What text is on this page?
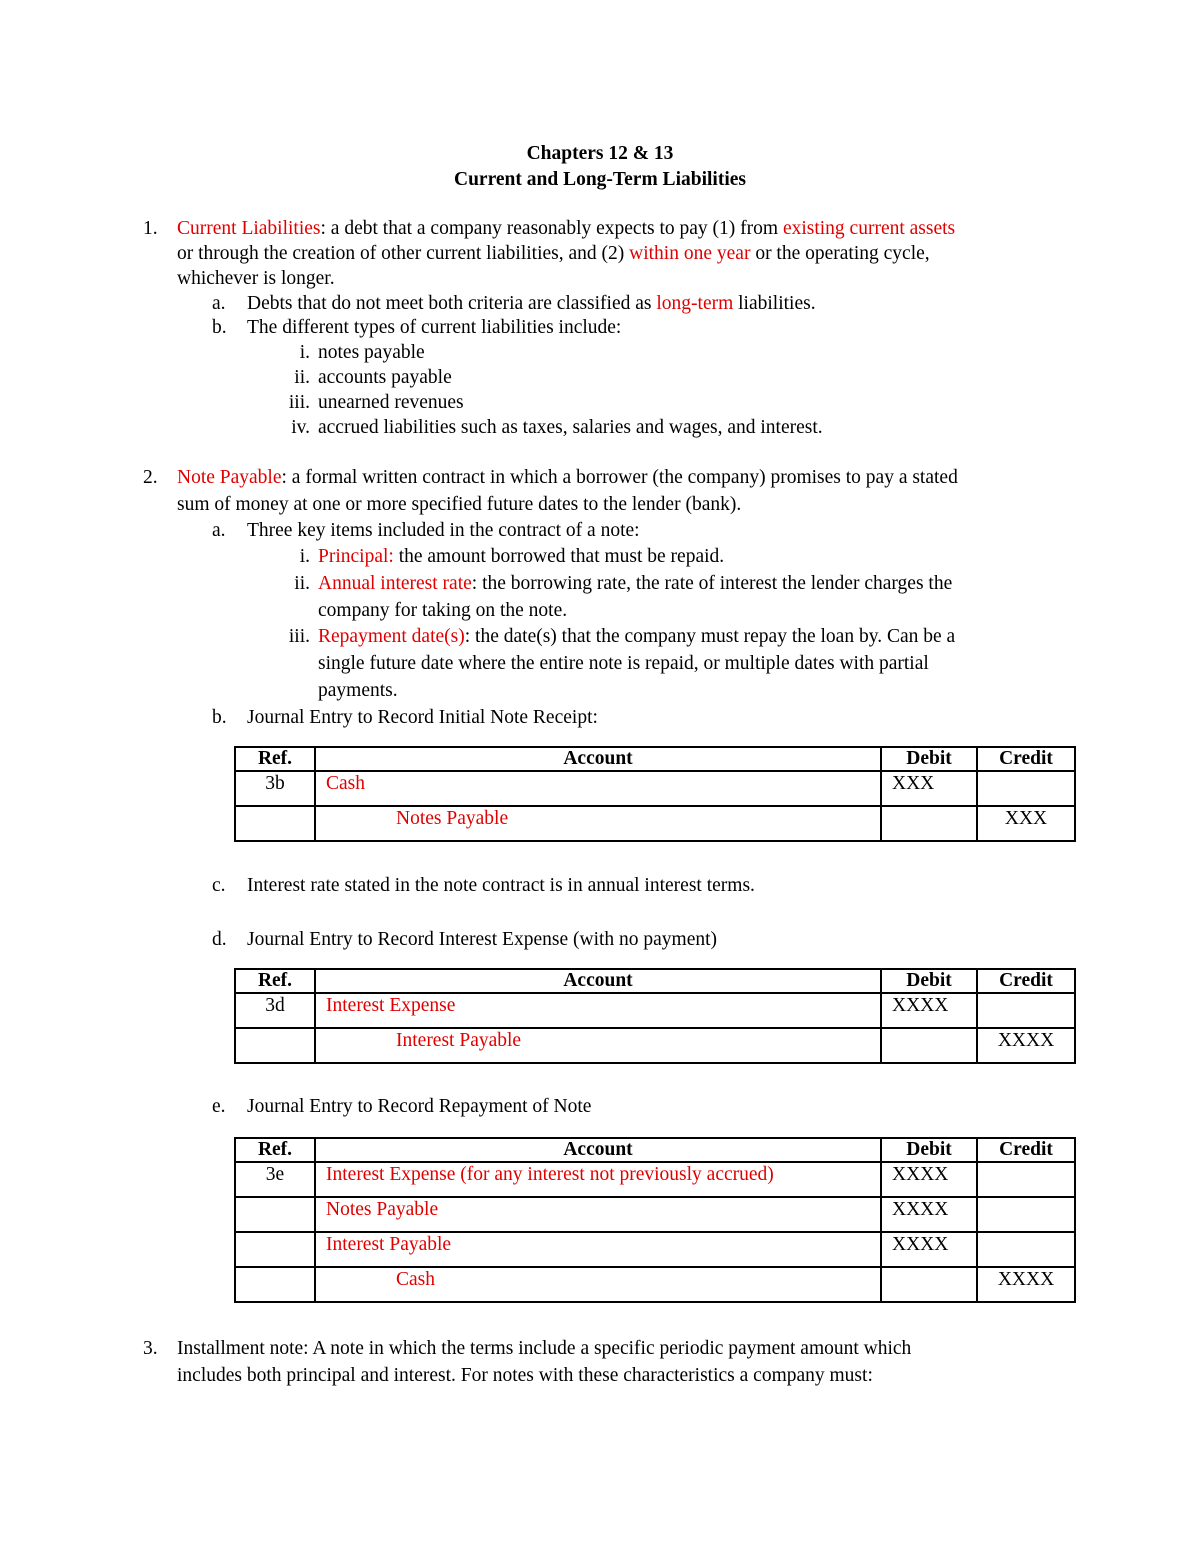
Chapters 12 & 13
Current and Long-Term Liabilities
1. Current Liabilities: a debt that a company reasonably expects to pay (1) from existing current assets
or through the creation of other current liabilities, and (2) within one year or the operating cycle,
whichever is longer.
a. Debts that do not meet both criteria are classified as long-term liabilities.
b. The different types of current liabilities include:
i. notes payable
ii. accounts payable
iii. unearned revenues
iv. accrued liabilities such as taxes, salaries and wages, and interest.
2. Note Payable: a formal written contract in which a borrower (the company) promises to pay a stated
sum of money at one or more specified future dates to the lender (bank).
a. Three key items included in the contract of a note:
i. Principal: the amount borrowed that must be repaid.
ii. Annual interest rate: the borrowing rate, the rate of interest the lender charges the
company for taking on the note.
iii. Repayment date(s): the date(s) that the company must repay the loan by. Can be a
single future date where the entire note is repaid, or multiple dates with partial
payments.
b. Journal Entry to Record Initial Note Receipt:
Ref.	Account	Debit	Credit
3b	Cash	XXX	
	Notes Payable		XXX
c. Interest rate stated in the note contract is in annual interest terms.
d. Journal Entry to Record Interest Expense (with no payment)
Ref.	Account	Debit	Credit
3d	Interest Expense	XXXX	
	Interest Payable		XXXX
e. Journal Entry to Record Repayment of Note
Ref.	Account	Debit	Credit
3e	Interest Expense (for any interest not previously accrued)	XXXX	
	Notes Payable	XXXX	
	Interest Payable	XXXX	
	Cash		XXXX
3. Installment note: A note in which the terms include a specific periodic payment amount which
includes both principal and interest. For notes with these characteristics a company must:
